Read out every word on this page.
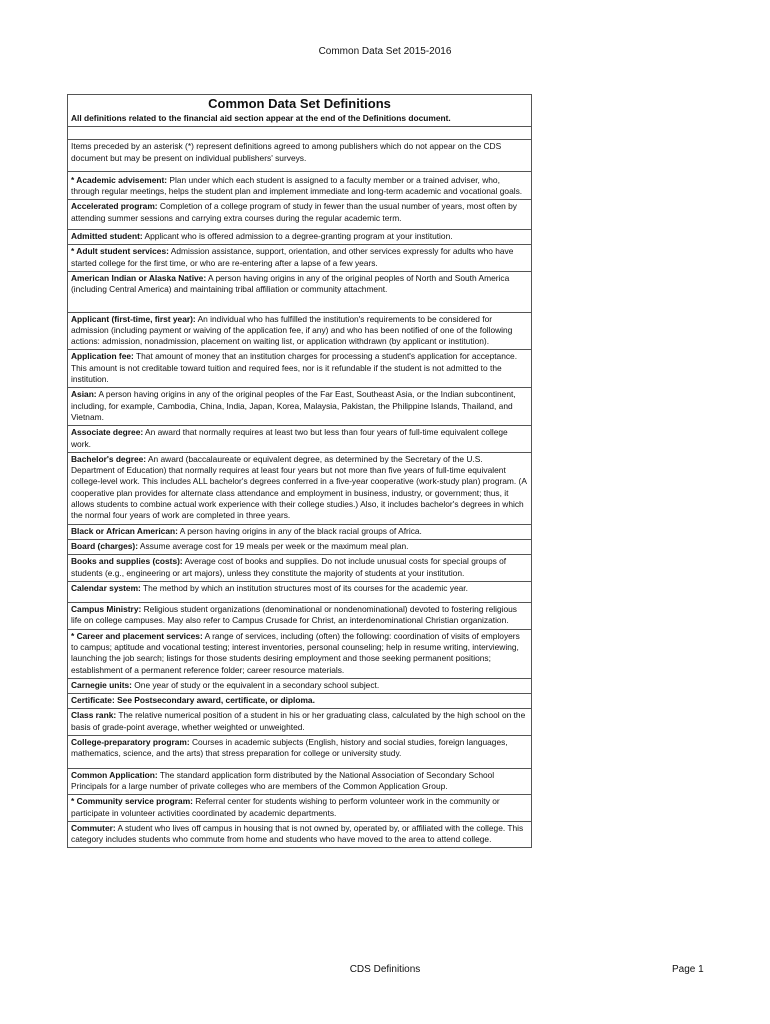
Common Data Set 2015-2016
Common Data Set Definitions
All definitions related to the financial aid section appear at the end of the Definitions document.
Items preceded by an asterisk (*) represent definitions agreed to among publishers which do not appear on the CDS document but may be present on individual publishers' surveys.
* Academic advisement: Plan under which each student is assigned to a faculty member or a trained adviser, who, through regular meetings, helps the student plan and implement immediate and long-term academic and vocational goals.
Accelerated program: Completion of a college program of study in fewer than the usual number of years, most often by attending summer sessions and carrying extra courses during the regular academic term.
Admitted student: Applicant who is offered admission to a degree-granting program at your institution.
* Adult student services: Admission assistance, support, orientation, and other services expressly for adults who have started college for the first time, or who are re-entering after a lapse of a few years.
American Indian or Alaska Native: A person having origins in any of the original peoples of North and South America (including Central America) and maintaining tribal affiliation or community attachment.
Applicant (first-time, first year): An individual who has fulfilled the institution's requirements to be considered for admission (including payment or waiving of the application fee, if any) and who has been notified of one of the following actions: admission, nonadmission, placement on waiting list, or application withdrawn (by applicant or institution).
Application fee: That amount of money that an institution charges for processing a student's application for acceptance. This amount is not creditable toward tuition and required fees, nor is it refundable if the student is not admitted to the institution.
Asian: A person having origins in any of the original peoples of the Far East, Southeast Asia, or the Indian subcontinent, including, for example, Cambodia, China, India, Japan, Korea, Malaysia, Pakistan, the Philippine Islands, Thailand, and Vietnam.
Associate degree: An award that normally requires at least two but less than four years of full-time equivalent college work.
Bachelor's degree: An award (baccalaureate or equivalent degree, as determined by the Secretary of the U.S. Department of Education) that normally requires at least four years but not more than five years of full-time equivalent college-level work. This includes ALL bachelor's degrees conferred in a five-year cooperative (work-study plan) program. (A cooperative plan provides for alternate class attendance and employment in business, industry, or government; thus, it allows students to combine actual work experience with their college studies.) Also, it includes bachelor's degrees in which the normal four years of work are completed in three years.
Black or African American: A person having origins in any of the black racial groups of Africa.
Board (charges): Assume average cost for 19 meals per week or the maximum meal plan.
Books and supplies (costs): Average cost of books and supplies. Do not include unusual costs for special groups of students (e.g., engineering or art majors), unless they constitute the majority of students at your institution.
Calendar system: The method by which an institution structures most of its courses for the academic year.
Campus Ministry: Religious student organizations (denominational or nondenominational) devoted to fostering religious life on college campuses. May also refer to Campus Crusade for Christ, an interdenominational Christian organization.
* Career and placement services: A range of services, including (often) the following: coordination of visits of employers to campus; aptitude and vocational testing; interest inventories, personal counseling; help in resume writing, interviewing, launching the job search; listings for those students desiring employment and those seeking permanent positions; establishment of a permanent reference folder; career resource materials.
Carnegie units: One year of study or the equivalent in a secondary school subject.
Certificate: See Postsecondary award, certificate, or diploma.
Class rank: The relative numerical position of a student in his or her graduating class, calculated by the high school on the basis of grade-point average, whether weighted or unweighted.
College-preparatory program: Courses in academic subjects (English, history and social studies, foreign languages, mathematics, science, and the arts) that stress preparation for college or university study.
Common Application: The standard application form distributed by the National Association of Secondary School Principals for a large number of private colleges who are members of the Common Application Group.
* Community service program: Referral center for students wishing to perform volunteer work in the community or participate in volunteer activities coordinated by academic departments.
Commuter: A student who lives off campus in housing that is not owned by, operated by, or affiliated with the college. This category includes students who commute from home and students who have moved to the area to attend college.
CDS Definitions	Page 1
